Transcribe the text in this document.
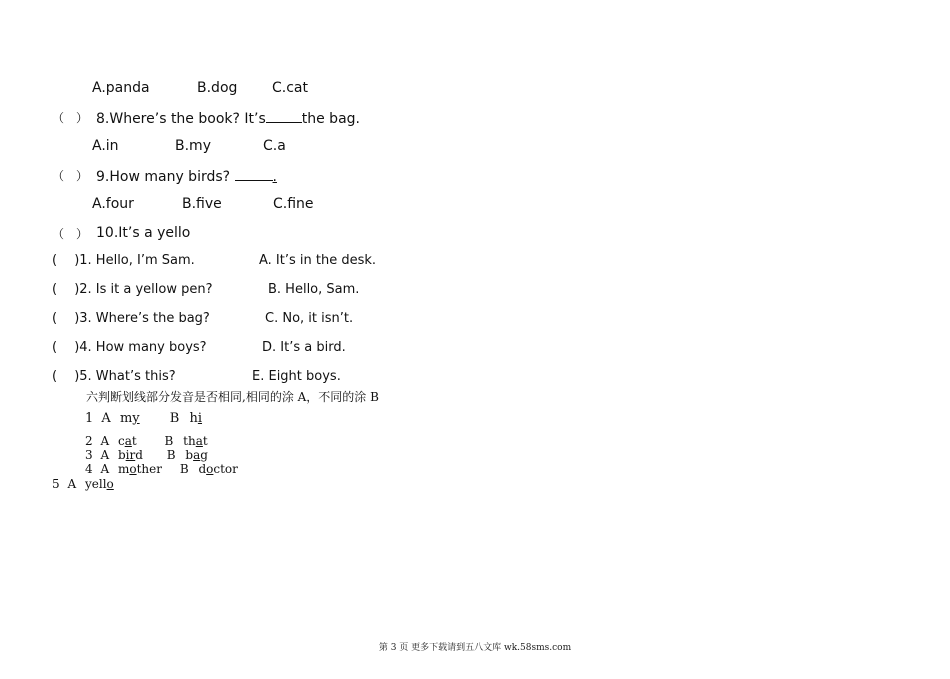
A.panda	B.dog C.cat
（　） 8.Where’s the book? It’s	the bag.
A.in	B.my	C.a
（　） 9.How many birds?	.
A.four	B.five	C.fine
（　） 10.It’s a yello
(　 )1. Hello, I’m Sam.	A. It’s in the desk.
(　 )2. Is it a yellow pen?	B. Hello, Sam.
(　 )3. Where’s the bag?	C. No, it isn’t.
(　 )4. How many boys?	D. It’s a bird.
(　 )5. What’s this?	E. Eight boys.
六判断划线部分发音是否相同,相同的涂 A，不同的涂 B
1 A my B hi
2 A cat B that
3 A bird B bag
4 A mother B doctor
5 A yello
第 3 页 更多下载请到五八文库 wk.58sms.com
